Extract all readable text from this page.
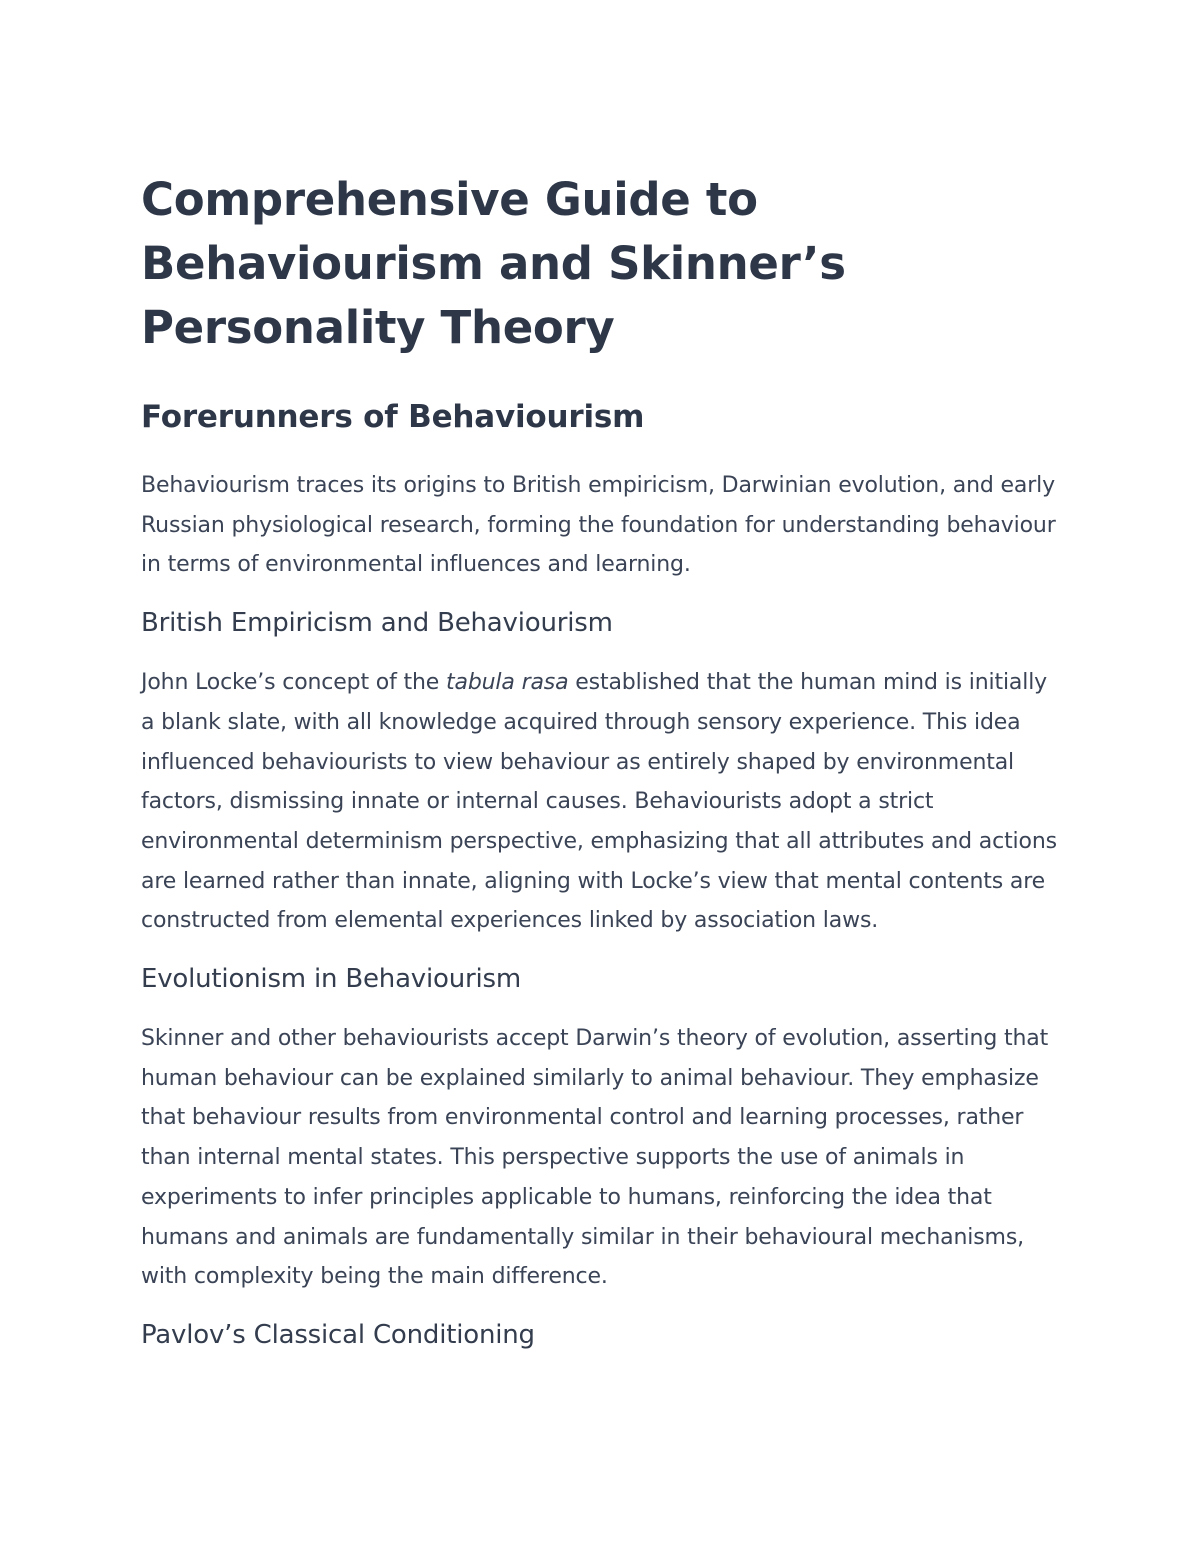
Comprehensive Guide to Behaviourism and Skinner’s Personality Theory
Forerunners of Behaviourism

Behaviourism traces its origins to British empiricism, Darwinian evolution, and early Russian physiological research, forming the foundation for understanding behaviour in terms of environmental influences and learning.

British Empiricism and Behaviourism

John Locke’s concept of the tabula rasa established that the human mind is initially a blank slate, with all knowledge acquired through sensory experience. This idea influenced behaviourists to view behaviour as entirely shaped by environmental factors, dismissing innate or internal causes. Behaviourists adopt a strict environmental determinism perspective, emphasizing that all attributes and actions are learned rather than innate, aligning with Locke’s view that mental contents are constructed from elemental experiences linked by association laws.

Evolutionism in Behaviourism

Skinner and other behaviourists accept Darwin’s theory of evolution, asserting that human behaviour can be explained similarly to animal behaviour. They emphasize that behaviour results from environmental control and learning processes, rather than internal mental states. This perspective supports the use of animals in experiments to infer principles applicable to humans, reinforcing the idea that humans and animals are fundamentally similar in their behavioural mechanisms, with complexity being the main difference.

Pavlov’s Classical Conditioning
